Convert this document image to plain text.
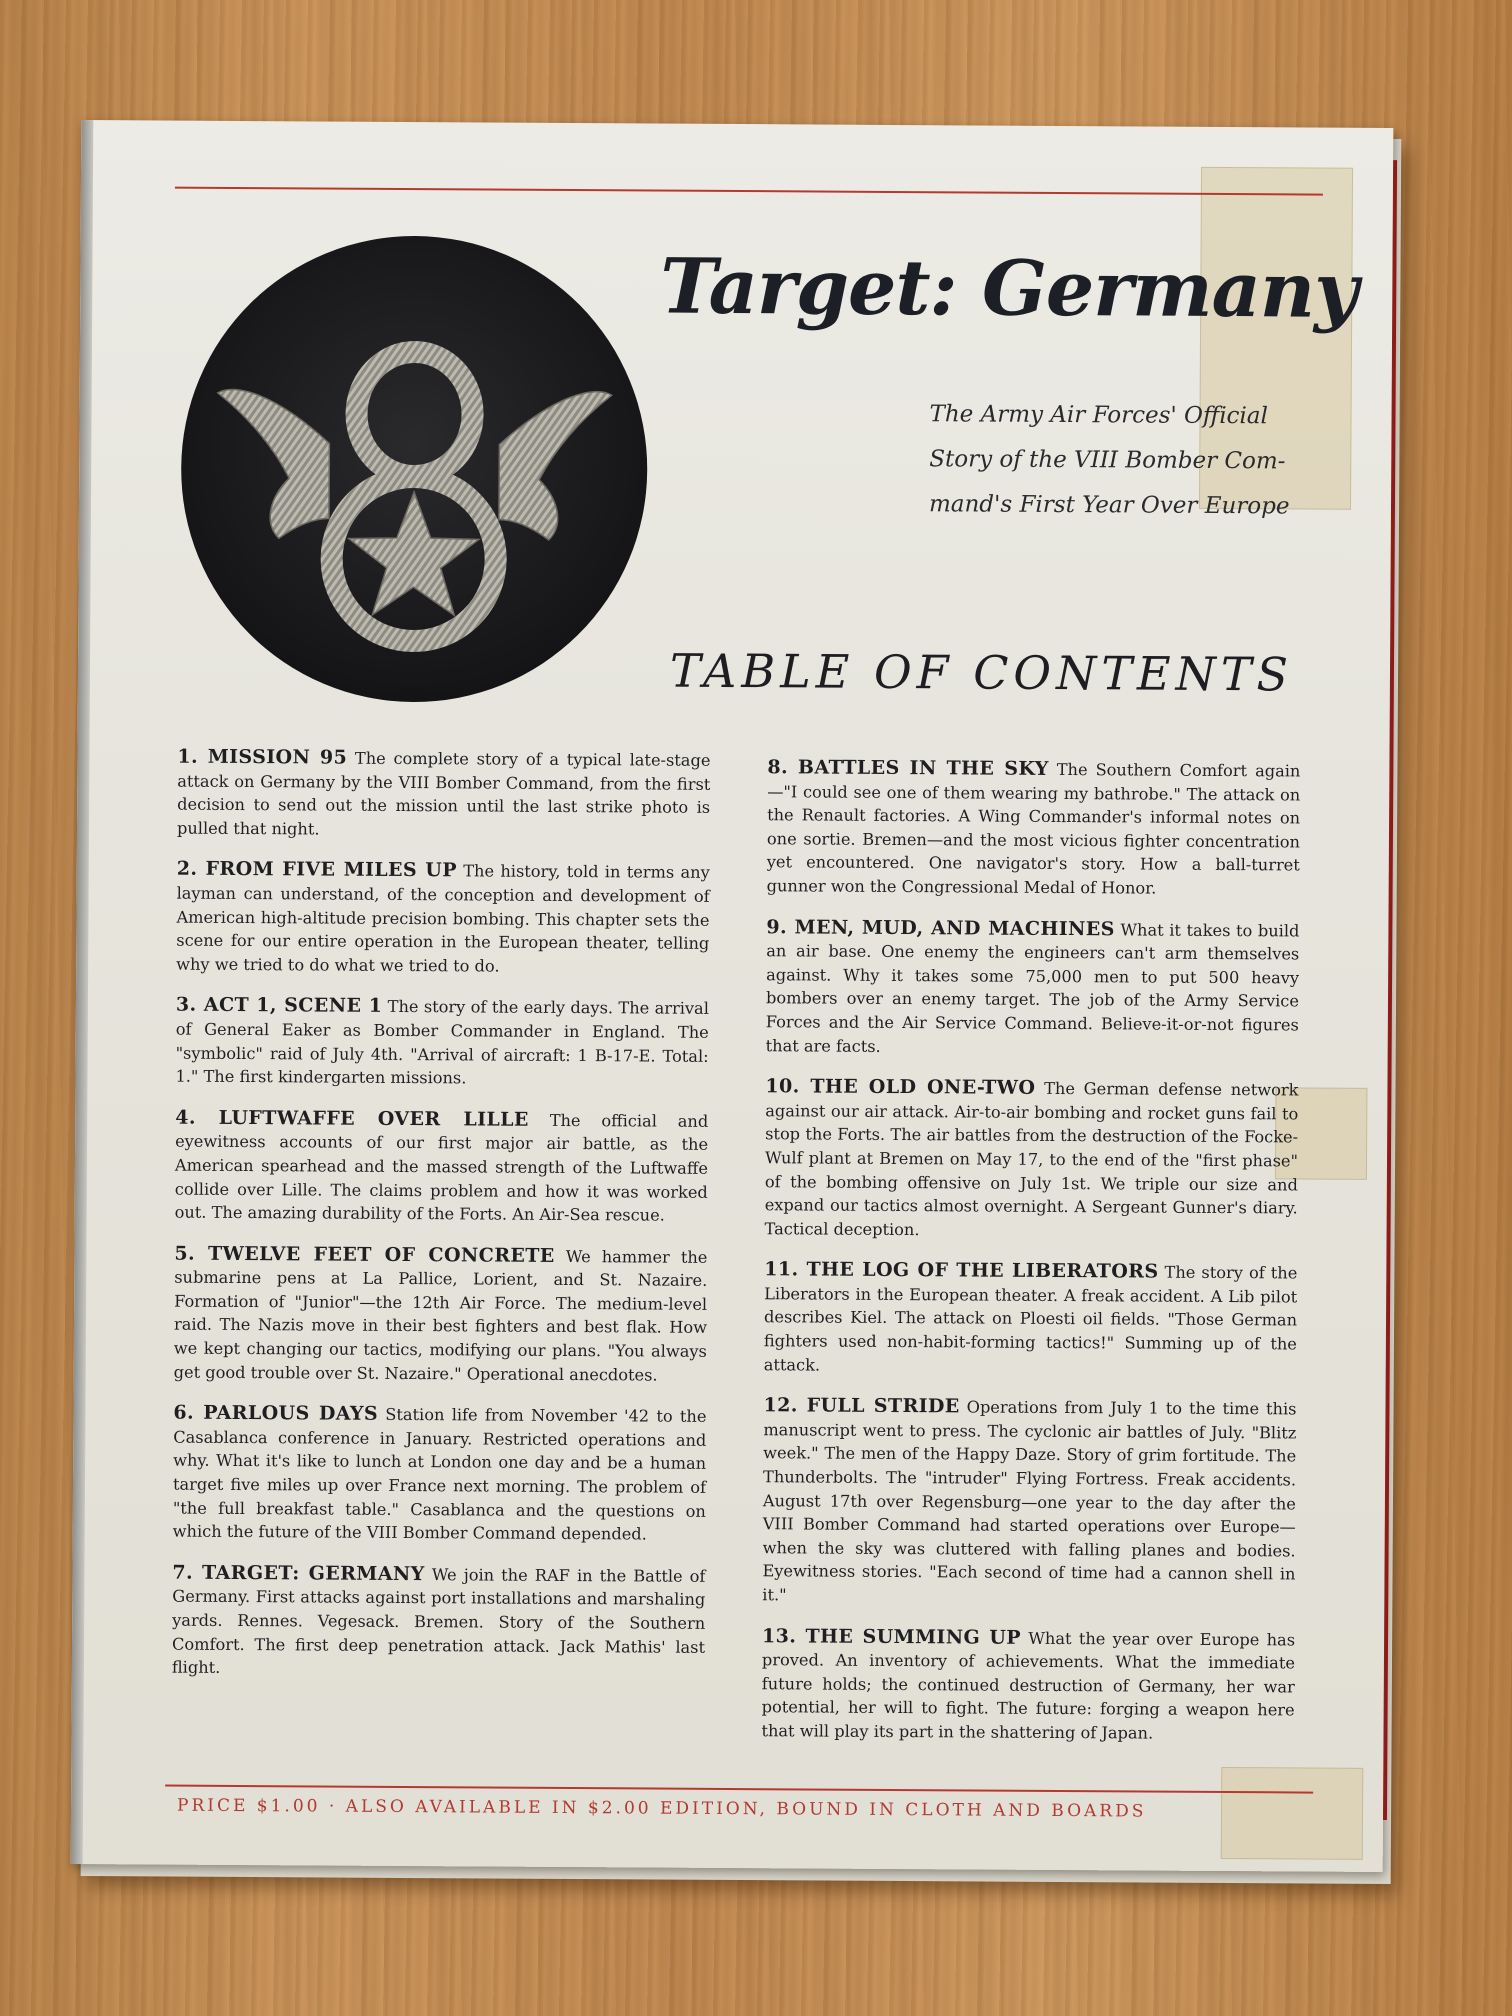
Target: Germany
The Army Air Forces' Official
Story of the VIII Bomber Com-
mand's First Year Over Europe
TABLE OF CONTENTS
1. MISSION 95 The complete story of a typical late-stage attack on Germany by the VIII Bomber Command, from the first decision to send out the mission until the last strike photo is pulled that night.
2. FROM FIVE MILES UP The history, told in terms any layman can understand, of the conception and development of American high-altitude precision bombing. This chapter sets the scene for our entire operation in the European theater, telling why we tried to do what we tried to do.
3. ACT 1, SCENE 1 The story of the early days. The arrival of General Eaker as Bomber Commander in England. The "symbolic" raid of July 4th. "Arrival of aircraft: 1 B-17-E. Total: 1." The first kindergarten missions.
4. LUFTWAFFE OVER LILLE The official and eyewitness accounts of our first major air battle, as the American spearhead and the massed strength of the Luftwaffe collide over Lille. The claims problem and how it was worked out. The amazing durability of the Forts. An Air-Sea rescue.
5. TWELVE FEET OF CONCRETE We hammer the submarine pens at La Pallice, Lorient, and St. Nazaire. Formation of "Junior"—the 12th Air Force. The medium-level raid. The Nazis move in their best fighters and best flak. How we kept changing our tactics, modifying our plans. "You always get good trouble over St. Nazaire." Operational anecdotes.
6. PARLOUS DAYS Station life from November '42 to the Casablanca conference in January. Restricted operations and why. What it's like to lunch at London one day and be a human target five miles up over France next morning. The problem of "the full breakfast table." Casablanca and the questions on which the future of the VIII Bomber Command depended.
7. TARGET: GERMANY We join the RAF in the Battle of Germany. First attacks against port installations and marshaling yards. Rennes. Vegesack. Bremen. Story of the Southern Comfort. The first deep penetration attack. Jack Mathis' last flight.
8. BATTLES IN THE SKY The Southern Comfort again—"I could see one of them wearing my bathrobe." The attack on the Renault factories. A Wing Commander's informal notes on one sortie. Bremen—and the most vicious fighter concentration yet encountered. One navigator's story. How a ball-turret gunner won the Congressional Medal of Honor.
9. MEN, MUD, AND MACHINES What it takes to build an air base. One enemy the engineers can't arm themselves against. Why it takes some 75,000 men to put 500 heavy bombers over an enemy target. The job of the Army Service Forces and the Air Service Command. Believe-it-or-not figures that are facts.
10. THE OLD ONE-TWO The German defense network against our air attack. Air-to-air bombing and rocket guns fail to stop the Forts. The air battles from the destruction of the Focke-Wulf plant at Bremen on May 17, to the end of the "first phase" of the bombing offensive on July 1st. We triple our size and expand our tactics almost overnight. A Sergeant Gunner's diary. Tactical deception.
11. THE LOG OF THE LIBERATORS The story of the Liberators in the European theater. A freak accident. A Lib pilot describes Kiel. The attack on Ploesti oil fields. "Those German fighters used non-habit-forming tactics!" Summing up of the attack.
12. FULL STRIDE Operations from July 1 to the time this manuscript went to press. The cyclonic air battles of July. "Blitz week." The men of the Happy Daze. Story of grim fortitude. The Thunderbolts. The "intruder" Flying Fortress. Freak accidents. August 17th over Regensburg—one year to the day after the VIII Bomber Command had started operations over Europe—when the sky was cluttered with falling planes and bodies. Eyewitness stories. "Each second of time had a cannon shell in it."
13. THE SUMMING UP What the year over Europe has proved. An inventory of achievements. What the immediate future holds; the continued destruction of Germany, her war potential, her will to fight. The future: forging a weapon here that will play its part in the shattering of Japan.
PRICE $1.00 · ALSO AVAILABLE IN $2.00 EDITION, BOUND IN CLOTH AND BOARDS
